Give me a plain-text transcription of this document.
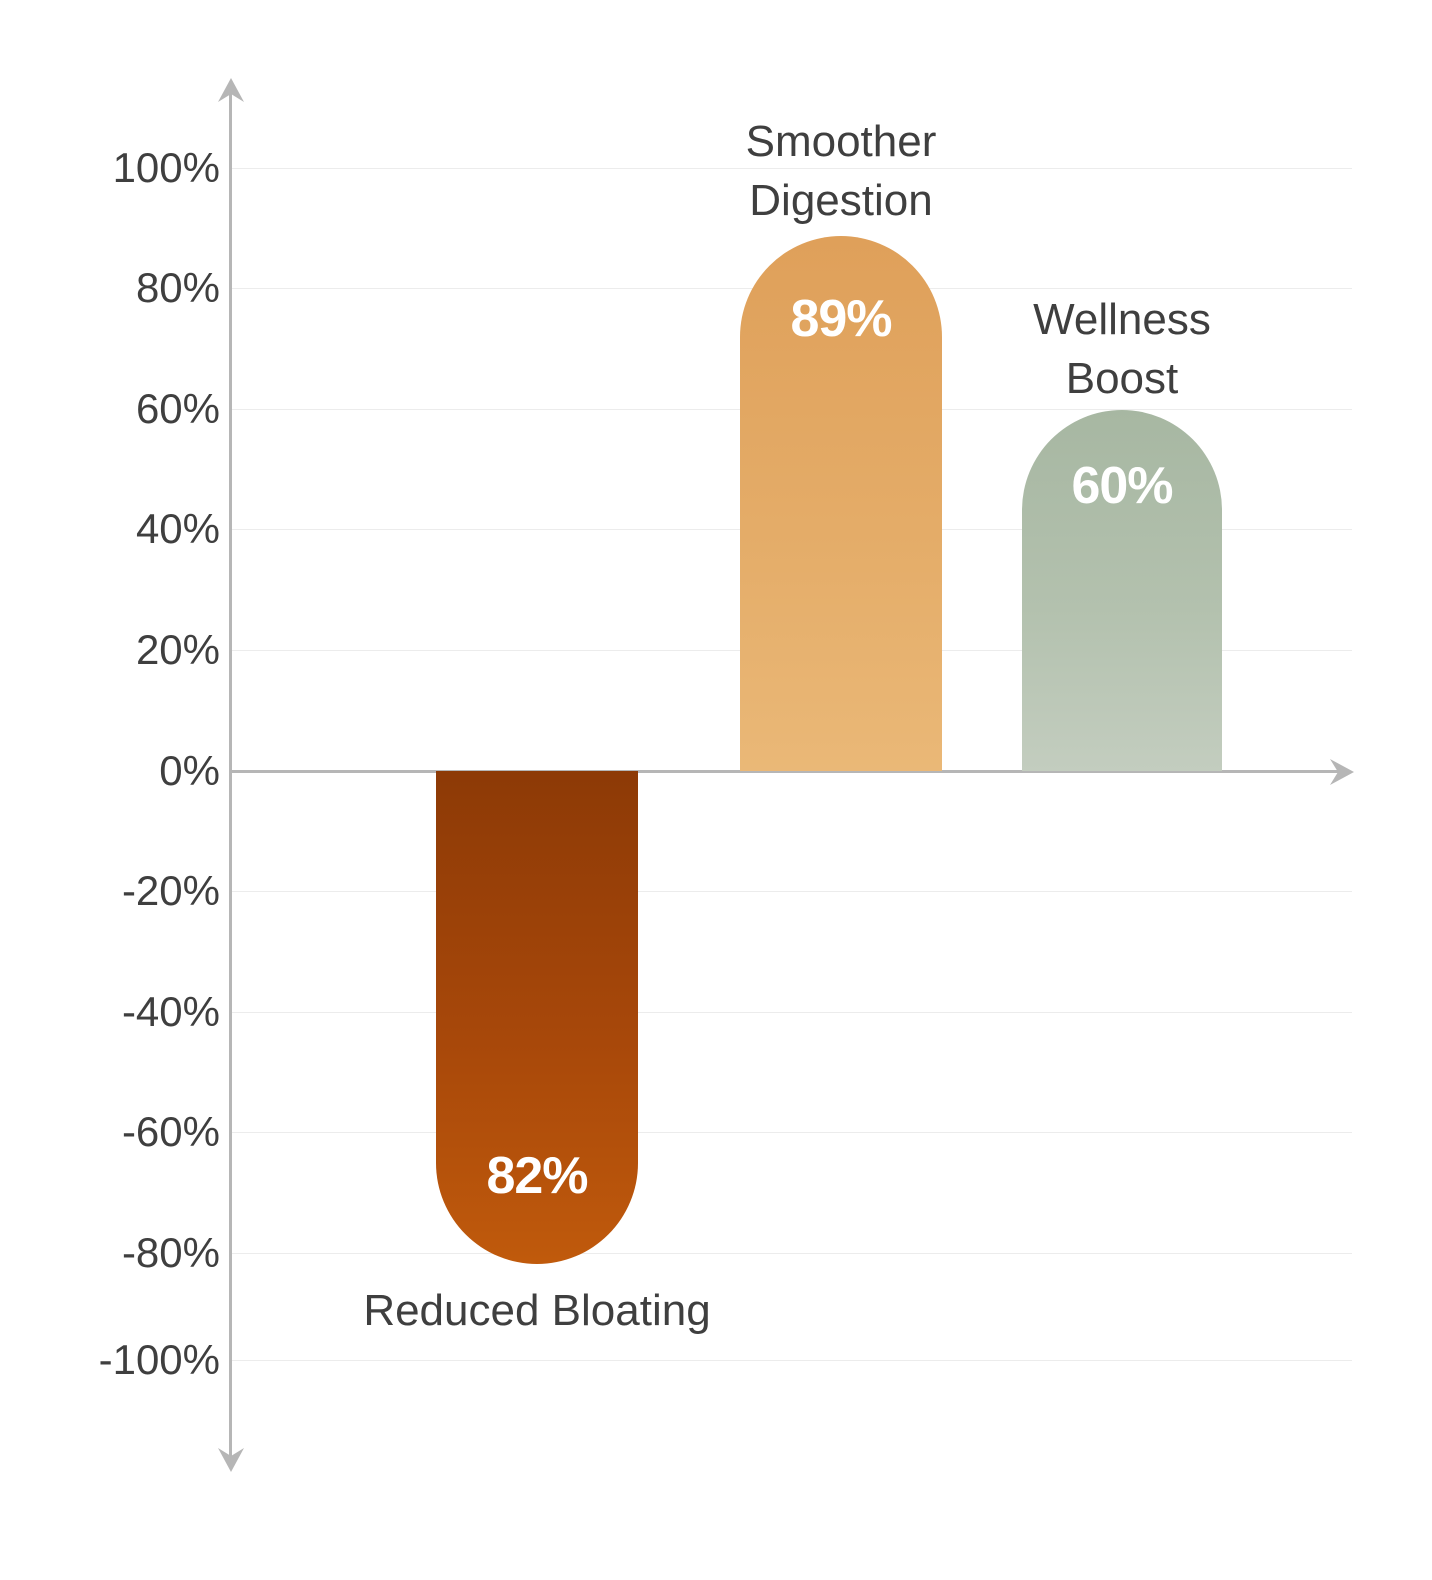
100%
80%
60%
40%
20%
0%
-20%
-40%
-60%
-80%
-100%
82%
Reduced Bloating
89%
Smoother
Digestion
60%
Wellness
Boost
